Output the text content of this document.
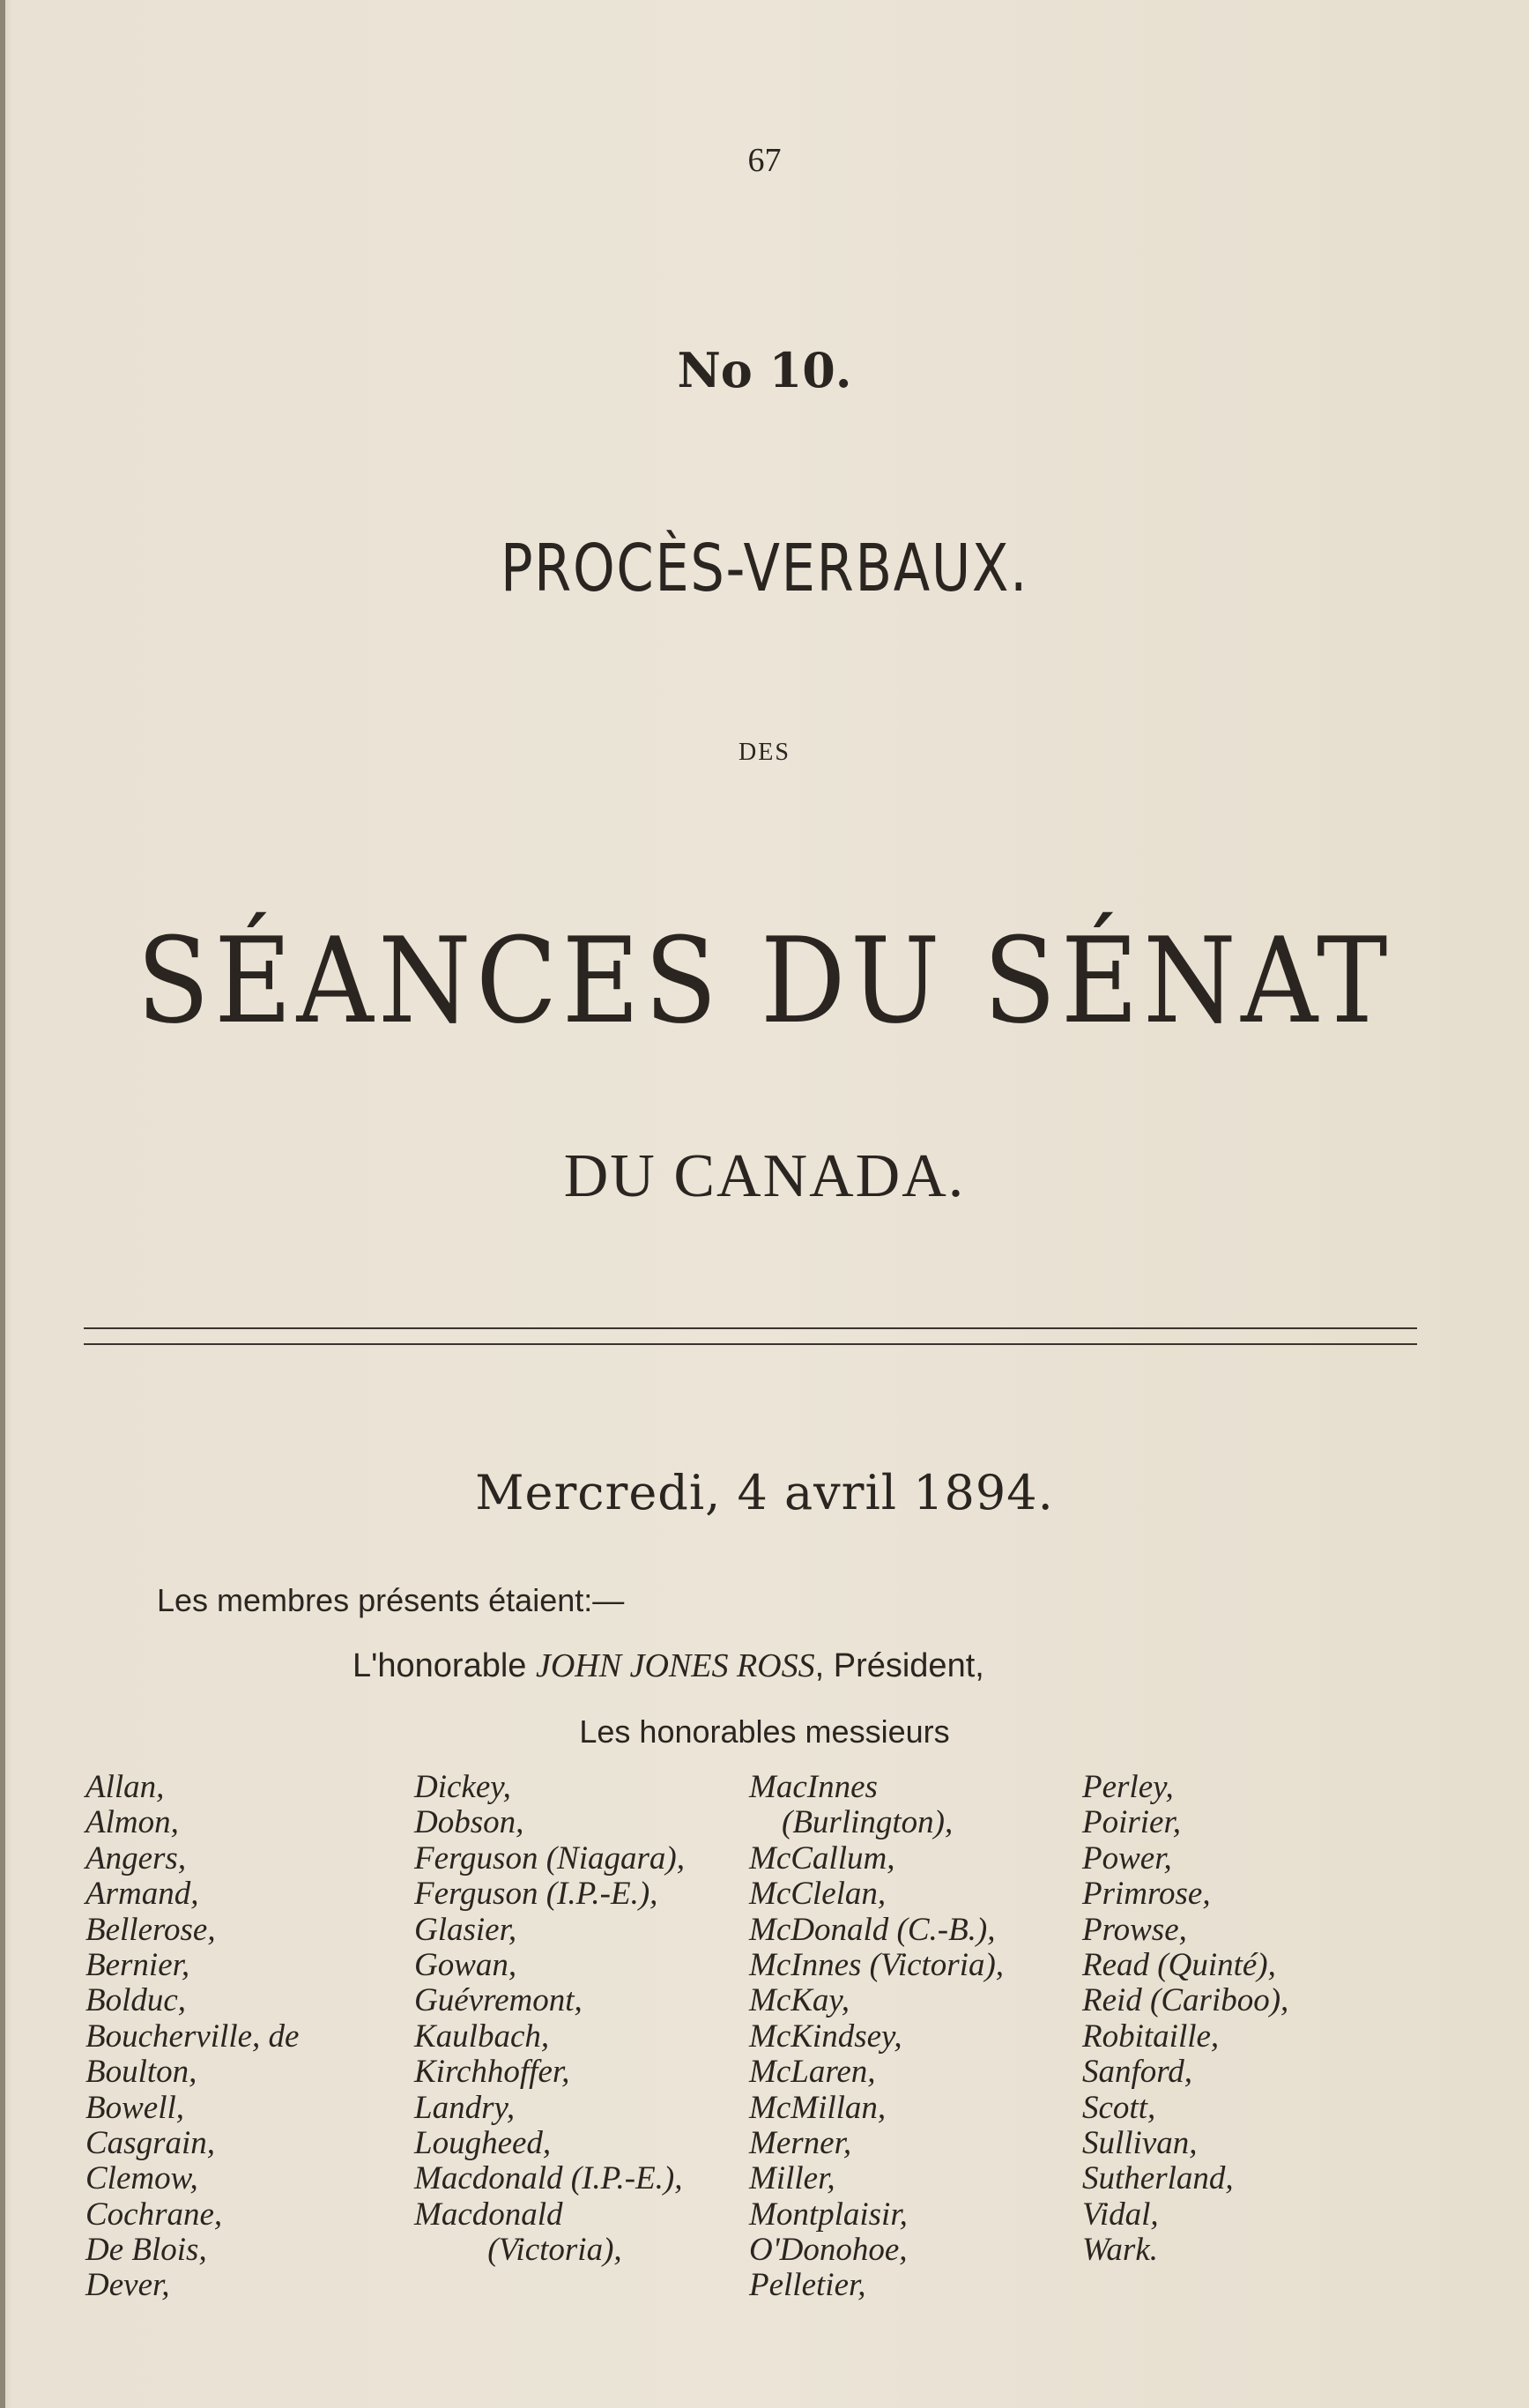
67
No 10.
PROCÈS-VERBAUX.
DES
SÉANCES DU SÉNAT
DU CANADA.
Mercredi, 4 avril 1894.
Les membres présents étaient:—
L'honorable JOHN JONES ROSS, Président,
Les honorables messieurs
Allan,
Almon,
Angers,
Armand,
Bellerose,
Bernier,
Bolduc,
Boucherville, de
Boulton,
Bowell,
Casgrain,
Clemow,
Cochrane,
De Blois,
Dever,
Dickey,
Dobson,
Ferguson (Niagara),
Ferguson (I.P.-E.),
Glasier,
Gowan,
Guévremont,
Kaulbach,
Kirchhoffer,
Landry,
Lougheed,
Macdonald (I.P.-E.),
Macdonald
(Victoria),
MacInnes
(Burlington),
McCallum,
McClelan,
McDonald (C.-B.),
McInnes (Victoria),
McKay,
McKindsey,
McLaren,
McMillan,
Merner,
Miller,
Montplaisir,
O'Donohoe,
Pelletier,
Perley,
Poirier,
Power,
Primrose,
Prowse,
Read (Quinté),
Reid (Cariboo),
Robitaille,
Sanford,
Scott,
Sullivan,
Sutherland,
Vidal,
Wark.
